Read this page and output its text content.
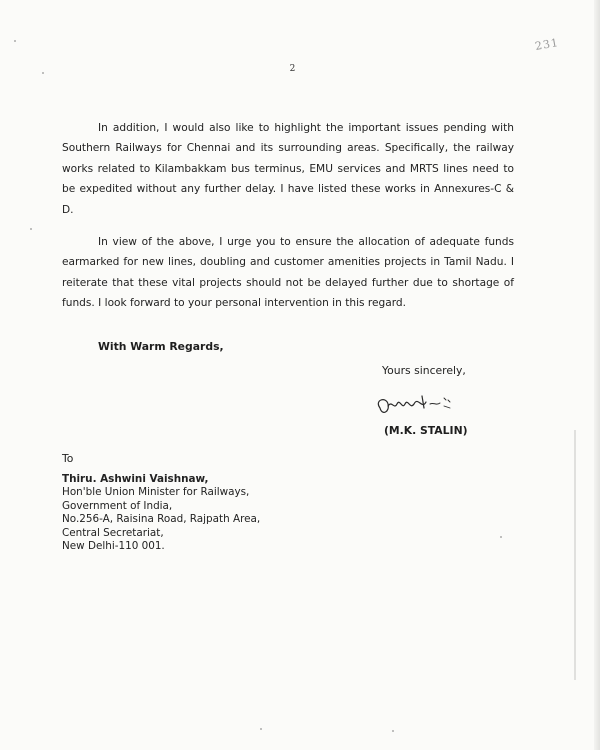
231
2

In addition, I would also like to highlight the important issues pending with Southern Railways for Chennai and its surrounding areas. Specifically, the railway works related to Kilambakkam bus terminus, EMU services and MRTS lines need to be expedited without any further delay. I have listed these works in Annexures-C & D.

In view of the above, I urge you to ensure the allocation of adequate funds earmarked for new lines, doubling and customer amenities projects in Tamil Nadu. I reiterate that these vital projects should not be delayed further due to shortage of funds. I look forward to your personal intervention in this regard.

With Warm Regards,
Yours sincerely,
(M.K. STALIN)
To
Thiru. Ashwini Vaishnaw,
Hon'ble Union Minister for Railways,
Government of India,
No.256-A, Raisina Road, Rajpath Area,
Central Secretariat,
New Delhi-110 001.
